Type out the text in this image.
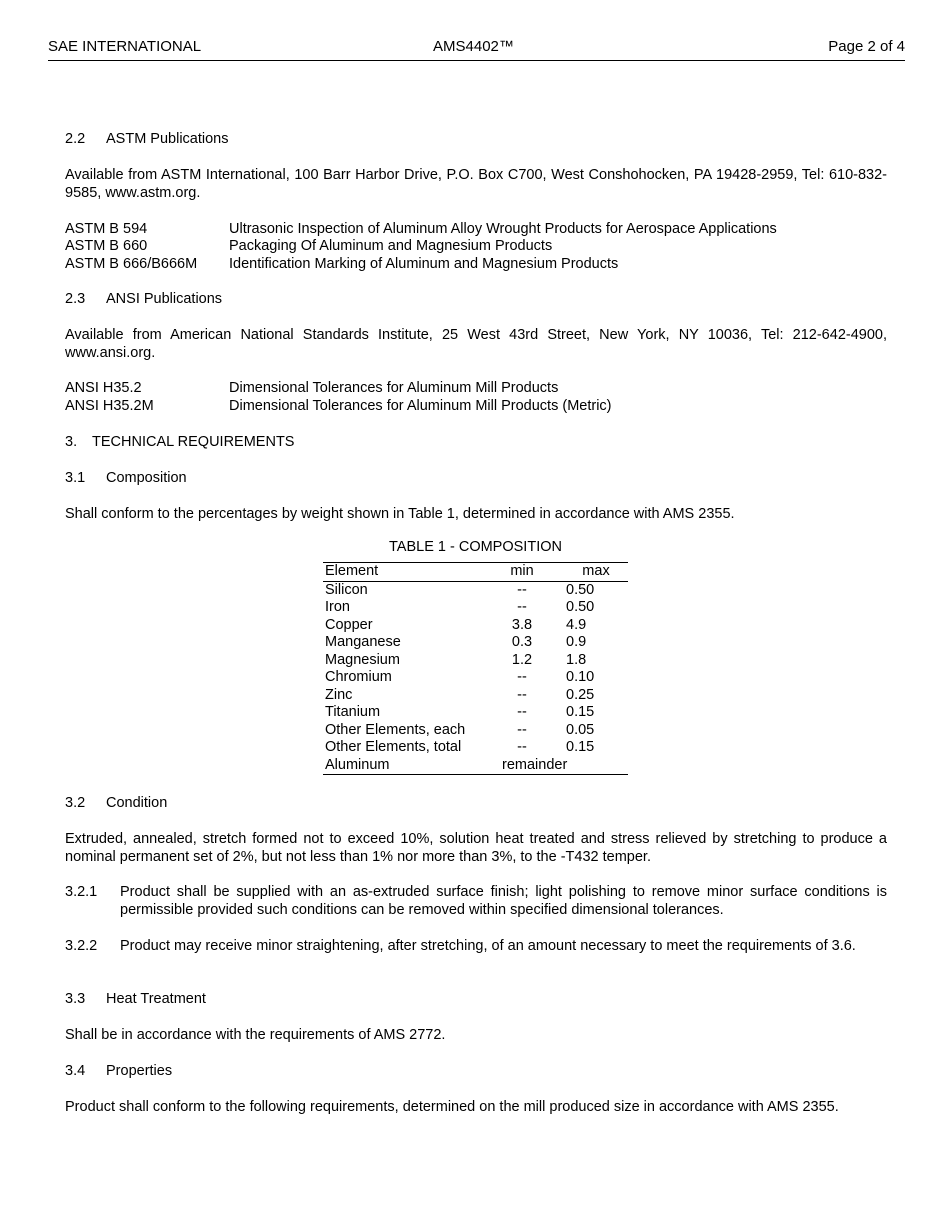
SAE INTERNATIONAL	AMS4402™	Page 2 of 4
2.2 ASTM Publications
Available from ASTM International, 100 Barr Harbor Drive, P.O. Box C700, West Conshohocken, PA 19428-2959, Tel: 610-832-9585, www.astm.org.
ASTM B 594	Ultrasonic Inspection of Aluminum Alloy Wrought Products for Aerospace Applications
ASTM B 660	Packaging Of Aluminum and Magnesium Products
ASTM B 666/B666M Identification Marking of Aluminum and Magnesium Products
2.3 ANSI Publications
Available from American National Standards Institute, 25 West 43rd Street, New York, NY 10036, Tel: 212-642-4900, www.ansi.org.
ANSI H35.2	Dimensional Tolerances for Aluminum Mill Products
ANSI H35.2M	Dimensional Tolerances for Aluminum Mill Products (Metric)
3. TECHNICAL REQUIREMENTS
3.1 Composition
Shall conform to the percentages by weight shown in Table 1, determined in accordance with AMS 2355.
TABLE 1 - COMPOSITION
Element	min	max
Silicon	--	0.50
Iron	--	0.50
Copper	3.8	4.9
Manganese	0.3	0.9
Magnesium	1.2	1.8
Chromium	--	0.10
Zinc	--	0.25
Titanium	--	0.15
Other Elements, each	--	0.05
Other Elements, total	--	0.15
Aluminum	remainder	
3.2 Condition
Extruded, annealed, stretch formed not to exceed 10%, solution heat treated and stress relieved by stretching to produce a nominal permanent set of 2%, but not less than 1% nor more than 3%, to the -T432 temper.
3.2.1 Product shall be supplied with an as-extruded surface finish; light polishing to remove minor surface conditions is permissible provided such conditions can be removed within specified dimensional tolerances.
3.2.2 Product may receive minor straightening, after stretching, of an amount necessary to meet the requirements of 3.6.
3.3 Heat Treatment
Shall be in accordance with the requirements of AMS 2772.
3.4 Properties
Product shall conform to the following requirements, determined on the mill produced size in accordance with AMS 2355.
